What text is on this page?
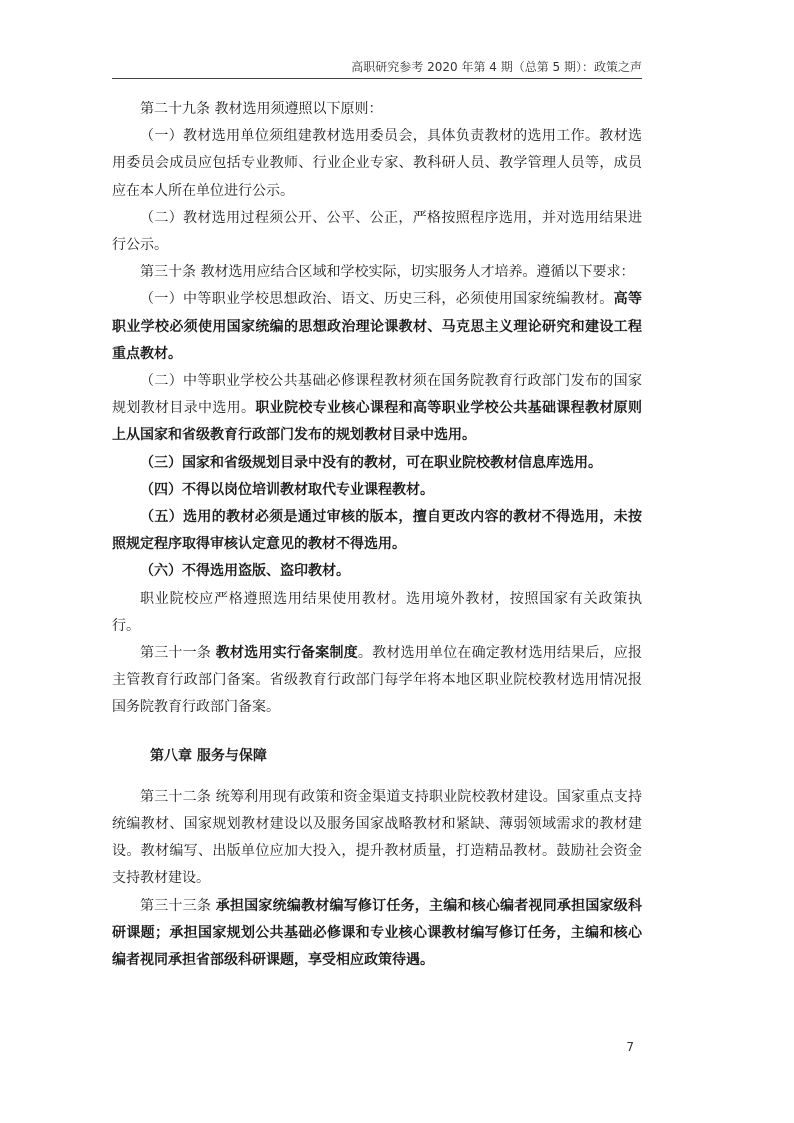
高职研究参考 2020 年第 4 期（总第 5 期）：政策之声

第二十九条 教材选用须遵照以下原则：

（一）教材选用单位须组建教材选用委员会，具体负责教材的选用工作。教材选用委员会成员应包括专业教师、行业企业专家、教科研人员、教学管理人员等，成员应在本人所在单位进行公示。

（二）教材选用过程须公开、公平、公正，严格按照程序选用，并对选用结果进行公示。

第三十条 教材选用应结合区域和学校实际，切实服务人才培养。遵循以下要求：

（一）中等职业学校思想政治、语文、历史三科，必须使用国家统编教材。高等职业学校必须使用国家统编的思想政治理论课教材、马克思主义理论研究和建设工程重点教材。

（二）中等职业学校公共基础必修课程教材须在国务院教育行政部门发布的国家规划教材目录中选用。职业院校专业核心课程和高等职业学校公共基础课程教材原则上从国家和省级教育行政部门发布的规划教材目录中选用。

（三）国家和省级规划目录中没有的教材，可在职业院校教材信息库选用。

（四）不得以岗位培训教材取代专业课程教材。

（五）选用的教材必须是通过审核的版本，擅自更改内容的教材不得选用，未按照规定程序取得审核认定意见的教材不得选用。

（六）不得选用盗版、盗印教材。

职业院校应严格遵照选用结果使用教材。选用境外教材，按照国家有关政策执行。

第三十一条 教材选用实行备案制度。教材选用单位在确定教材选用结果后，应报主管教育行政部门备案。省级教育行政部门每学年将本地区职业院校教材选用情况报国务院教育行政部门备案。

第八章 服务与保障

第三十二条 统筹利用现有政策和资金渠道支持职业院校教材建设。国家重点支持统编教材、国家规划教材建设以及服务国家战略教材和紧缺、薄弱领域需求的教材建设。教材编写、出版单位应加大投入，提升教材质量，打造精品教材。鼓励社会资金支持教材建设。

第三十三条 承担国家统编教材编写修订任务，主编和核心编者视同承担国家级科研课题；承担国家规划公共基础必修课和专业核心课教材编写修订任务，主编和核心编者视同承担省部级科研课题，享受相应政策待遇。

7
